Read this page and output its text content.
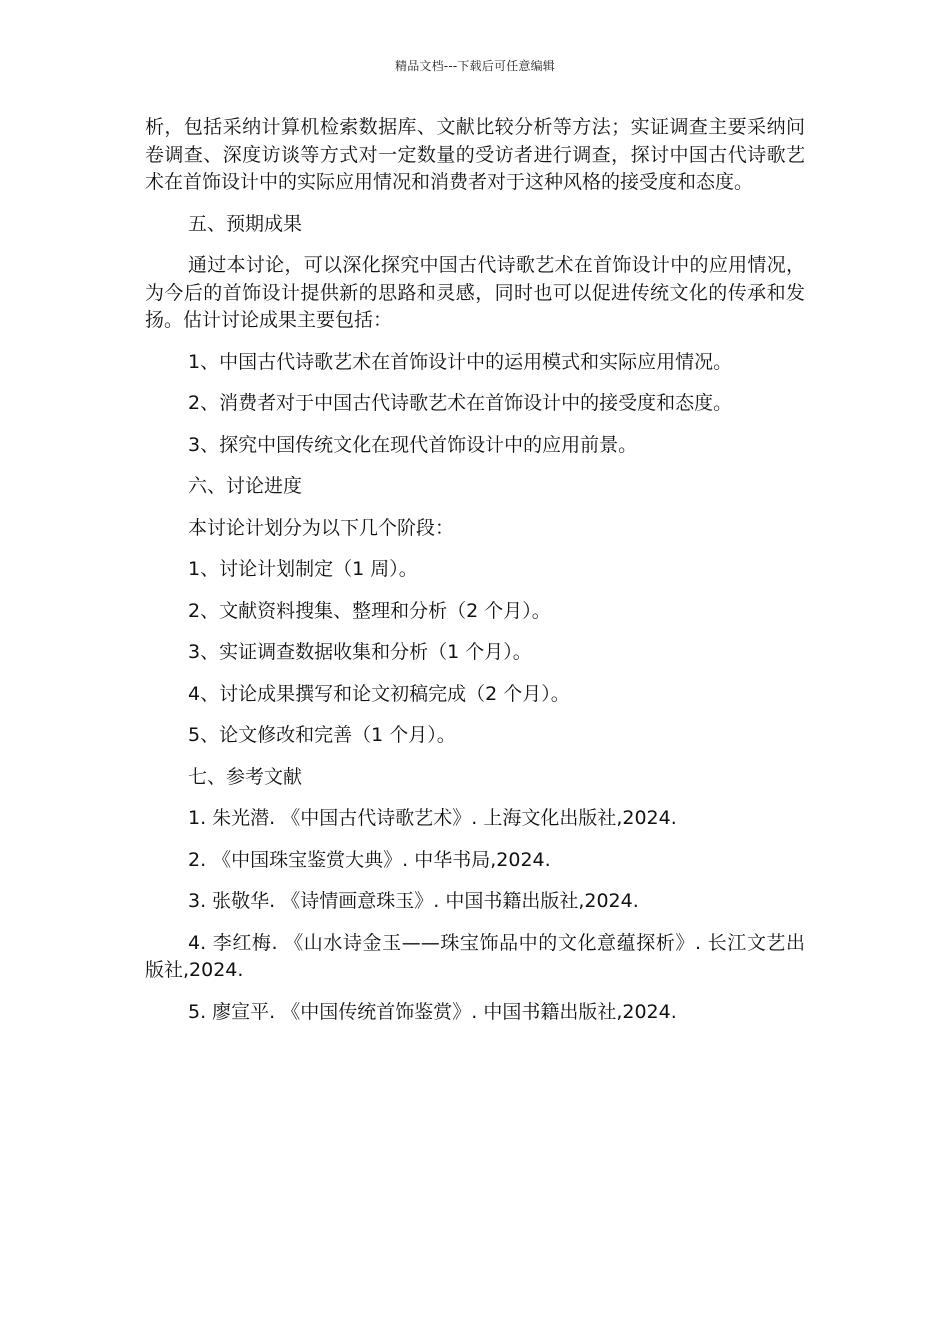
精品文档---下载后可任意编辑

析，包括采纳计算机检索数据库、文献比较分析等方法；实证调查主要采纳问卷调查、深度访谈等方式对一定数量的受访者进行调查，探讨中国古代诗歌艺术在首饰设计中的实际应用情况和消费者对于这种风格的接受度和态度。

五、预期成果

通过本讨论，可以深化探究中国古代诗歌艺术在首饰设计中的应用情况，为今后的首饰设计提供新的思路和灵感，同时也可以促进传统文化的传承和发扬。估计讨论成果主要包括：

1、中国古代诗歌艺术在首饰设计中的运用模式和实际应用情况。

2、消费者对于中国古代诗歌艺术在首饰设计中的接受度和态度。

3、探究中国传统文化在现代首饰设计中的应用前景。

六、讨论进度

本讨论计划分为以下几个阶段：

1、讨论计划制定（1 周）。

2、文献资料搜集、整理和分析（2 个月）。

3、实证调查数据收集和分析（1 个月）。

4、讨论成果撰写和论文初稿完成（2 个月）。

5、论文修改和完善（1 个月）。

七、参考文献

1. 朱光潜. 《中国古代诗歌艺术》. 上海文化出版社,2024.

2. 《中国珠宝鉴赏大典》. 中华书局,2024.

3. 张敬华. 《诗情画意珠玉》. 中国书籍出版社,2024.

4. 李红梅. 《山水诗金玉——珠宝饰品中的文化意蕴探析》. 长江文艺出版社,2024.

5. 廖宣平. 《中国传统首饰鉴赏》. 中国书籍出版社,2024.
